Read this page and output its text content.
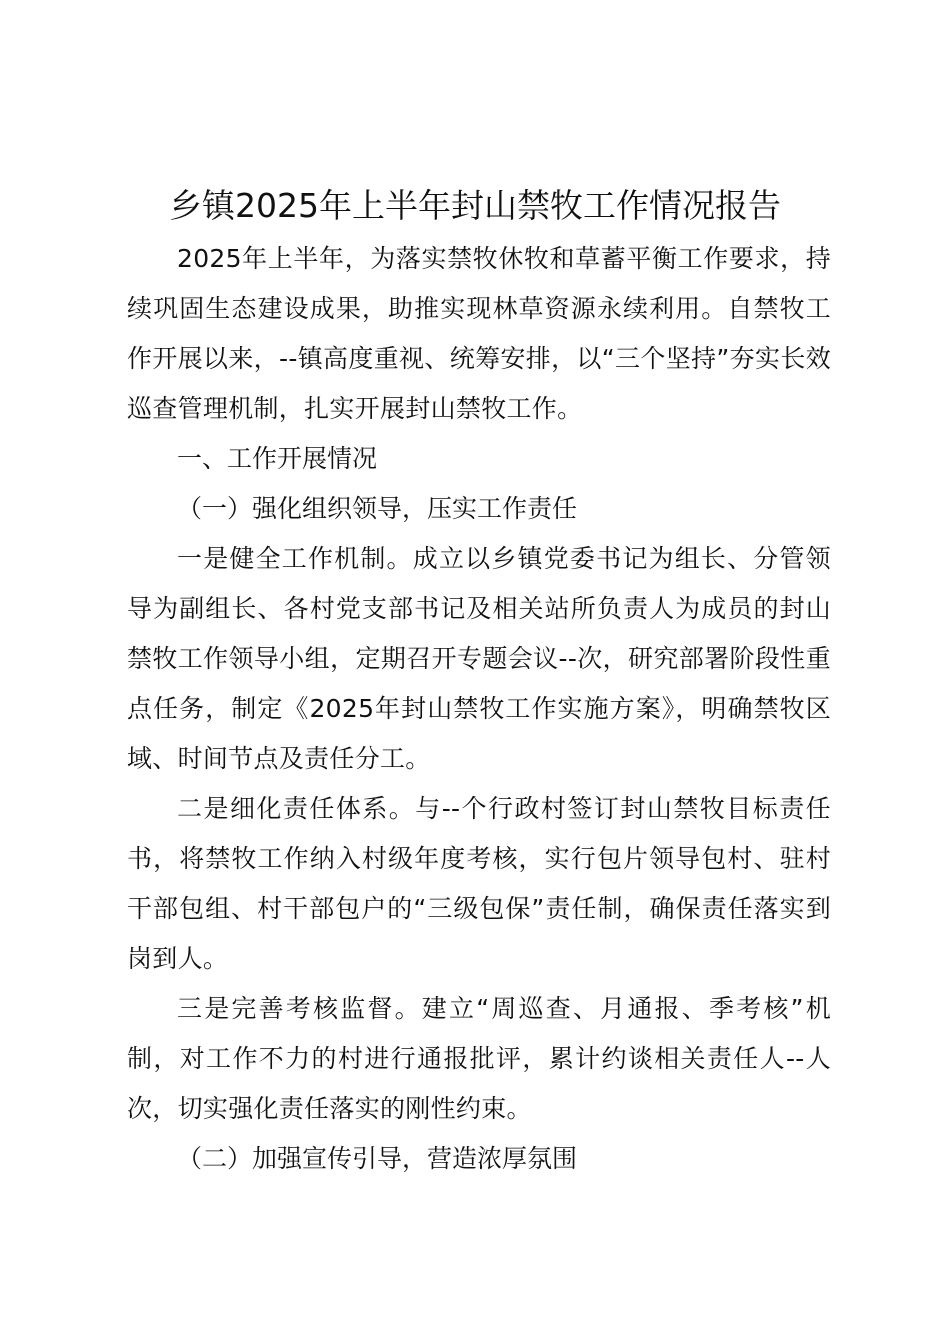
乡镇2025年上半年封山禁牧工作情况报告

2025年上半年，为落实禁牧休牧和草蓄平衡工作要求，持续巩固生态建设成果，助推实现林草资源永续利用。自禁牧工作开展以来，--镇高度重视、统筹安排，以“三个坚持”夯实长效巡查管理机制，扎实开展封山禁牧工作。

一、工作开展情况

（一）强化组织领导，压实工作责任

一是健全工作机制。成立以乡镇党委书记为组长、分管领导为副组长、各村党支部书记及相关站所负责人为成员的封山禁牧工作领导小组，定期召开专题会议--次，研究部署阶段性重点任务，制定《2025年封山禁牧工作实施方案》，明确禁牧区域、时间节点及责任分工。

二是细化责任体系。与--个行政村签订封山禁牧目标责任书，将禁牧工作纳入村级年度考核，实行包片领导包村、驻村干部包组、村干部包户的“三级包保”责任制，确保责任落实到岗到人。

三是完善考核监督。建立“周巡查、月通报、季考核”机制，对工作不力的村进行通报批评，累计约谈相关责任人--人次，切实强化责任落实的刚性约束。

（二）加强宣传引导，营造浓厚氛围
